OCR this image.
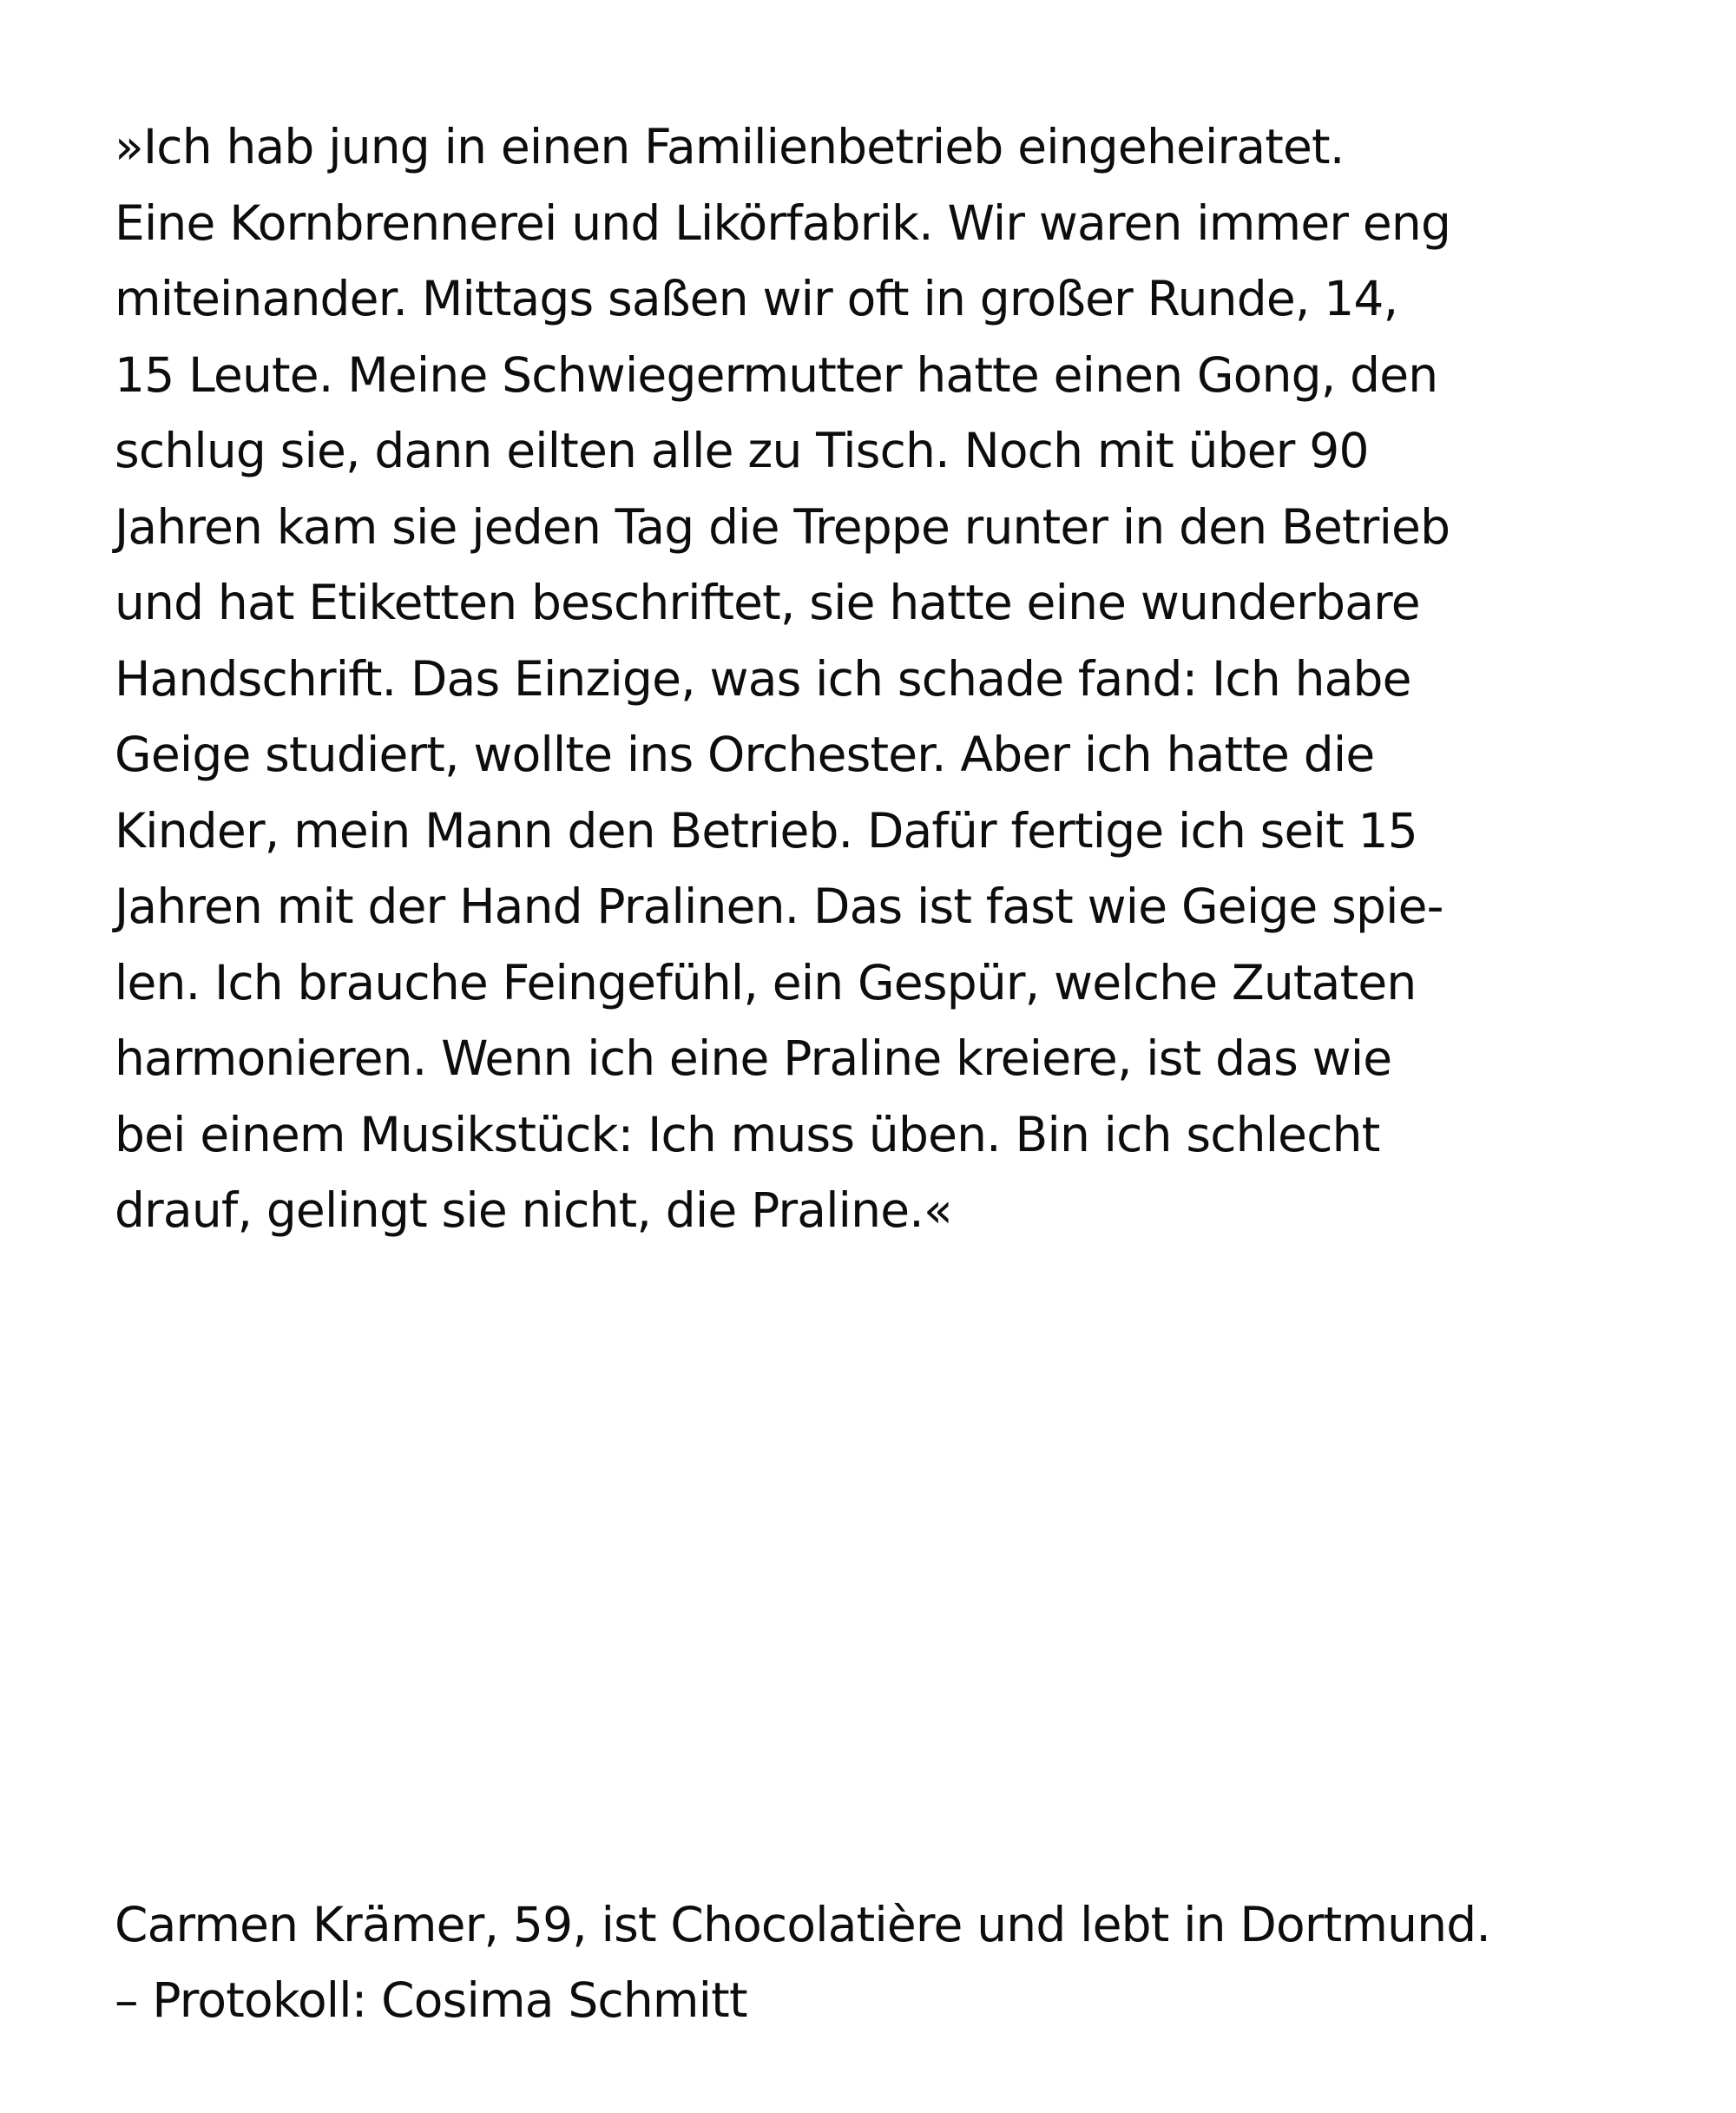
»Ich hab jung in einen Familienbetrieb eingeheiratet.
Eine Kornbrennerei und Likörfabrik. Wir waren immer eng
miteinander. Mittags saßen wir oft in großer Runde, 14,
15 Leute. Meine Schwiegermutter hatte einen Gong, den
schlug sie, dann eilten alle zu Tisch. Noch mit über 90
Jahren kam sie jeden Tag die Treppe runter in den Betrieb
und hat Etiketten beschriftet, sie hatte eine wunderbare
Handschrift. Das Einzige, was ich schade fand: Ich habe
Geige studiert, wollte ins Orchester. Aber ich hatte die
Kinder, mein Mann den Betrieb. Dafür fertige ich seit 15
Jahren mit der Hand Pralinen. Das ist fast wie Geige spie-
len. Ich brauche Feingefühl, ein Gespür, welche Zutaten
harmonieren. Wenn ich eine Praline kreiere, ist das wie
bei einem Musikstück: Ich muss üben. Bin ich schlecht
drauf, gelingt sie nicht, die Praline.«
Carmen Krämer, 59, ist Chocolatière und lebt in Dortmund.
– Protokoll: Cosima Schmitt
